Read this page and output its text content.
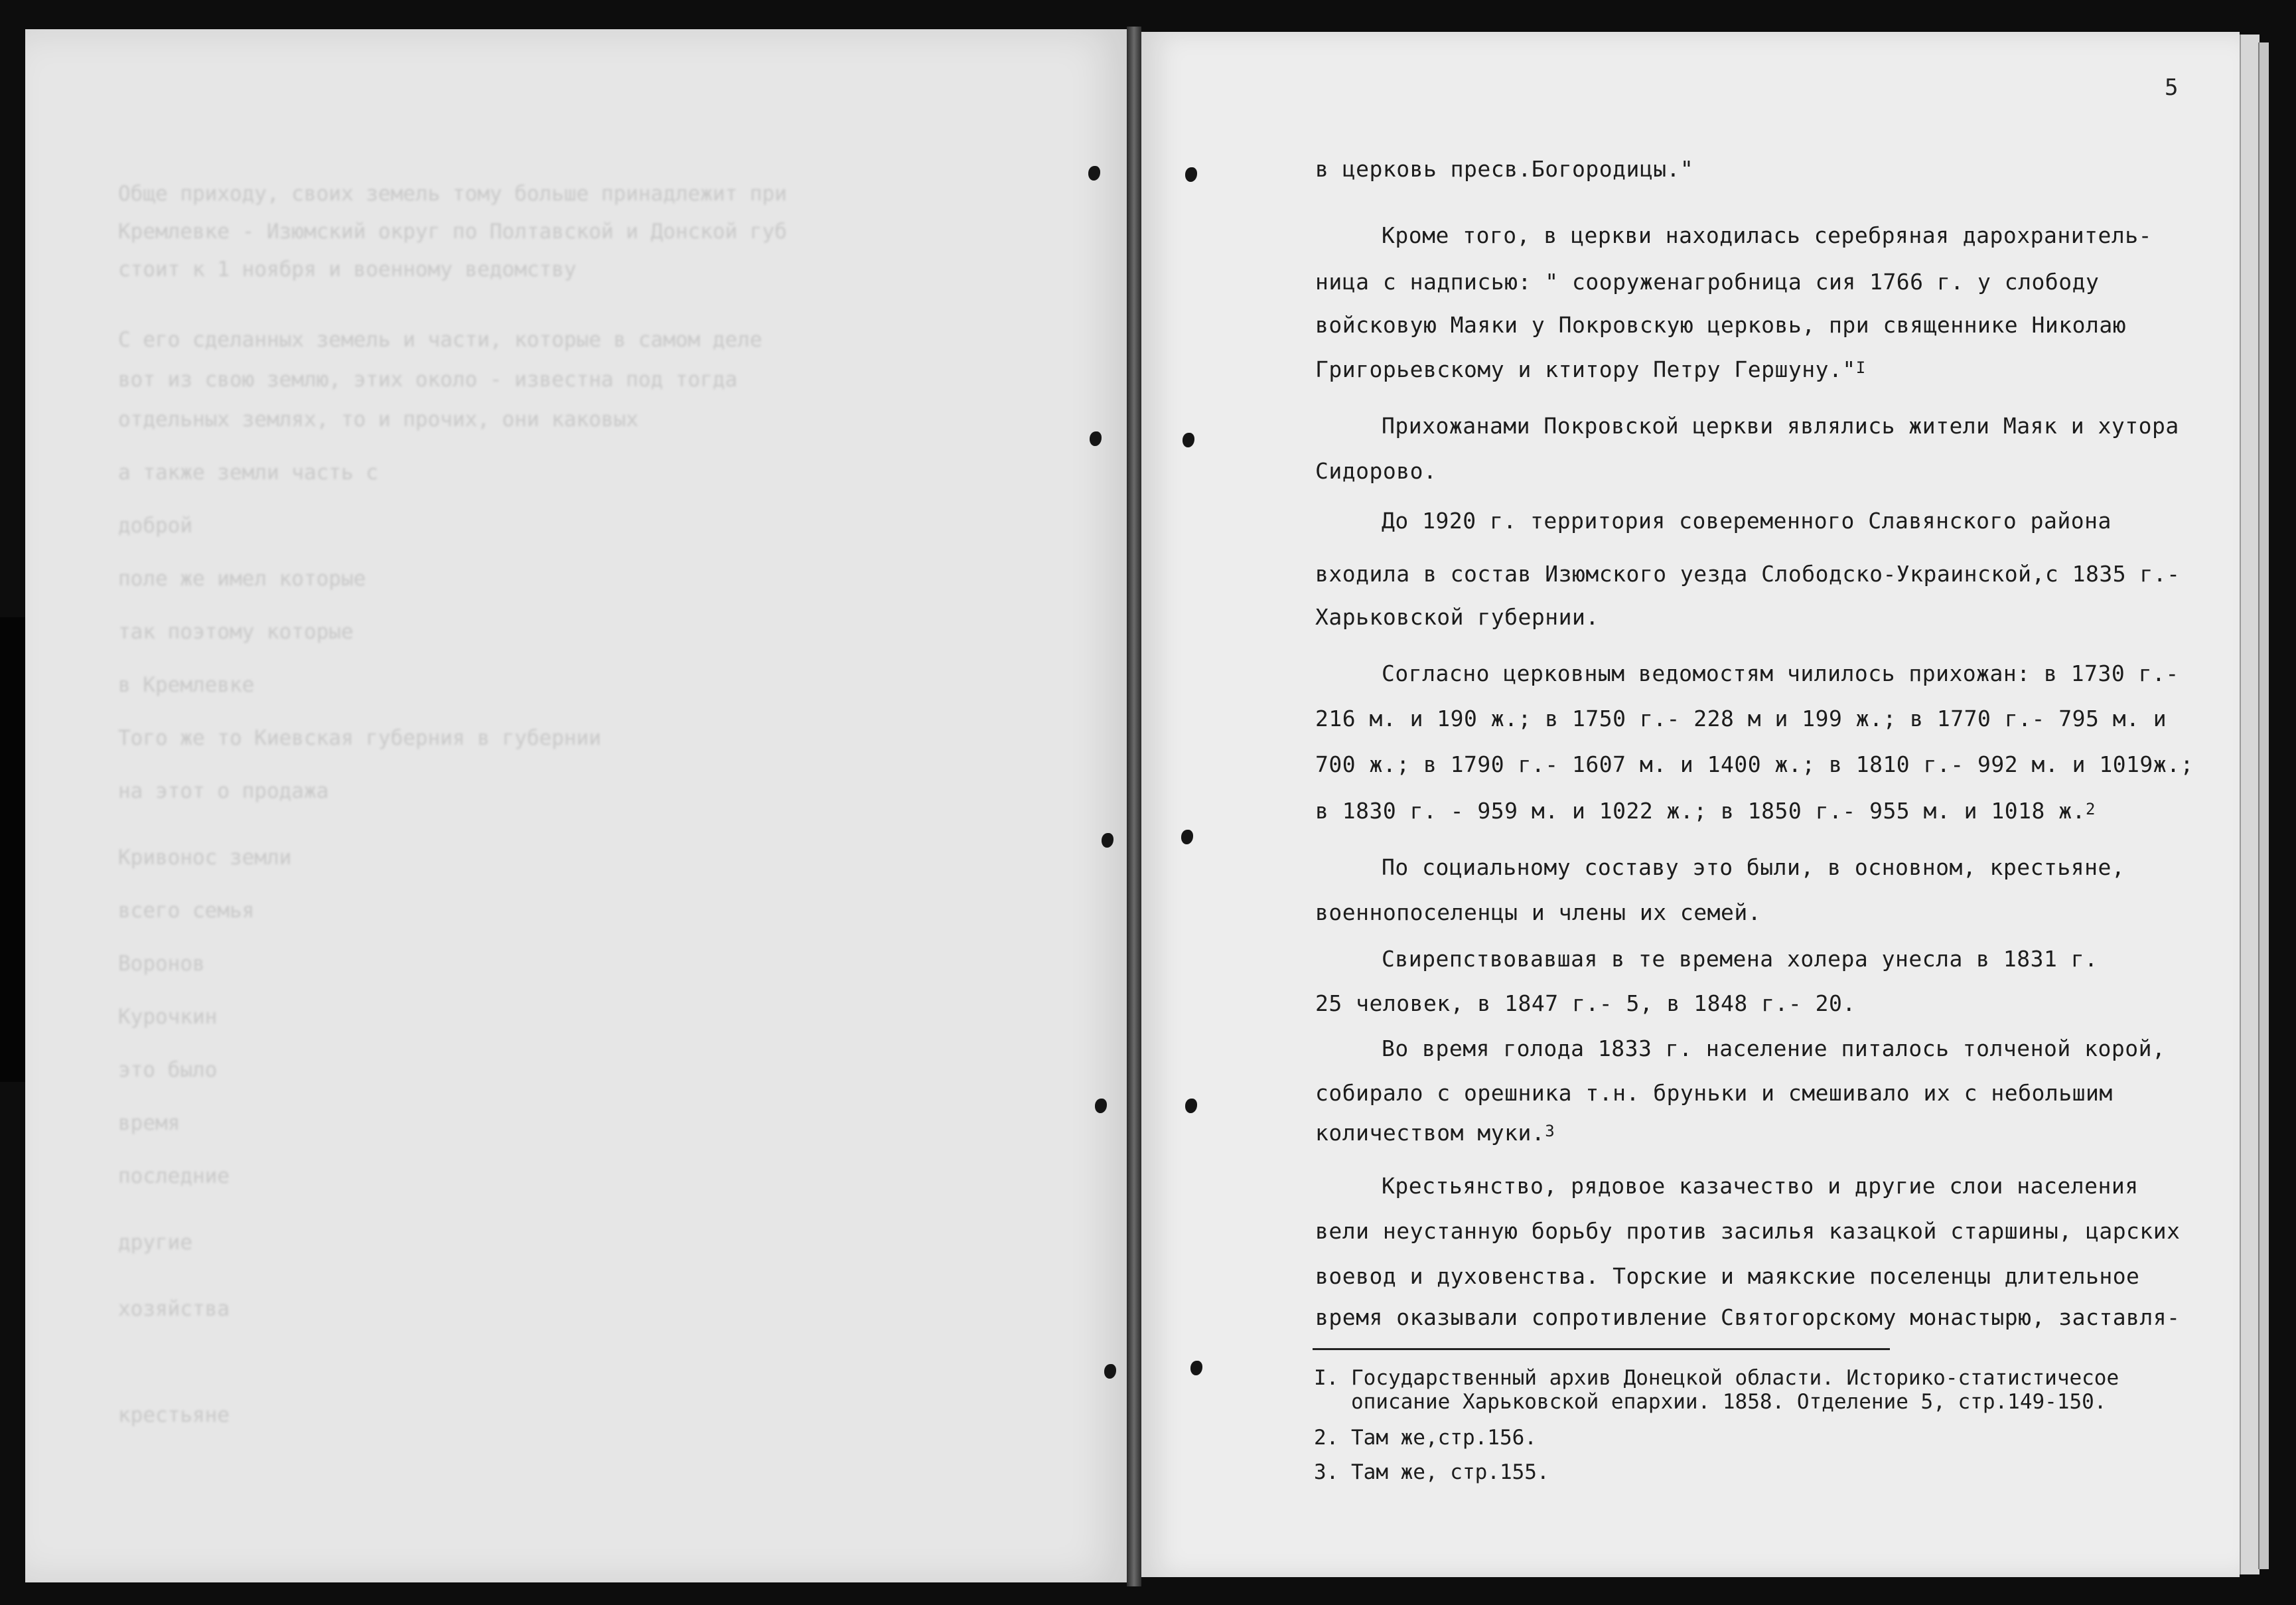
Обще приходу, своих земель тому больше принадлежит при
Кремлевке - Изюмский округ по Полтавской и Донской губ
стоит к 1 ноября и военному ведомству
С его сделанных земель и части, которые в самом деле
вот из свою землю, этих около - известна под тогда
отдельных землях, то и прочих, они каковых
а также земли часть с
доброй
поле же имел которые
так поэтому которые
в Кремлевке
Того же то Киевская губерния в губернии
на этот о продажа
Кривонос земли
всего семья
Воронов
Курочкин
это было
время
последние
другие
хозяйства
крестьяне
5
в церковь пресв.Богородицы."
Кроме того, в церкви находилась серебряная дарохранитель-
ница с надписью: " сооруженагробница сия 1766 г. у слободу
войсковую Маяки у Покровскую церковь, при священнике Николаю
Григорьевскому и ктитору Петру Гершуну."$^I$
Прихожанами Покровской церкви являлись жители Маяк и хутора
Сидорово.
До 1920 г. территория совеременного Славянского района
входила в состав Изюмского уезда Слободско-Украинской,с 1835 г.-
Харьковской губернии.
Согласно церковным ведомостям чилилось прихожан: в 1730 г.-
216 м. и 190 ж.; в 1750 г.- 228 м и 199 ж.; в 1770 г.- 795 м. и
700 ж.; в 1790 г.- 1607 м. и 1400 ж.; в 1810 г.- 992 м. и 1019ж.;
в 1830 г. - 959 м. и 1022 ж.; в 1850 г.- 955 м. и 1018 ж.$^2$
По социальному составу это были, в основном, крестьяне,
военнопоселенцы и члены их семей.
Свирепствовавшая в те времена холера унесла в 1831 г.
25 человек, в 1847 г.- 5, в 1848 г.- 20.
Во время голода 1833 г. население питалось толченой корой,
собирало с орешника т.н. бруньки и смешивало их с небольшим
количеством муки.$^3$
Крестьянство, рядовое казачество и другие слои населения
вели неустанную борьбу против засилья казацкой старшины, царских
воевод и духовенства. Торские и маякские поселенцы длительное
время оказывали сопротивление Святогорскому монастырю, заставля-
I. Государственный архив Донецкой области. Историко-статистичесое
описание Харьковской епархии. 1858. Отделение 5, стр.149-150.
2. Там же,стр.156.
3. Там же, стр.155.
